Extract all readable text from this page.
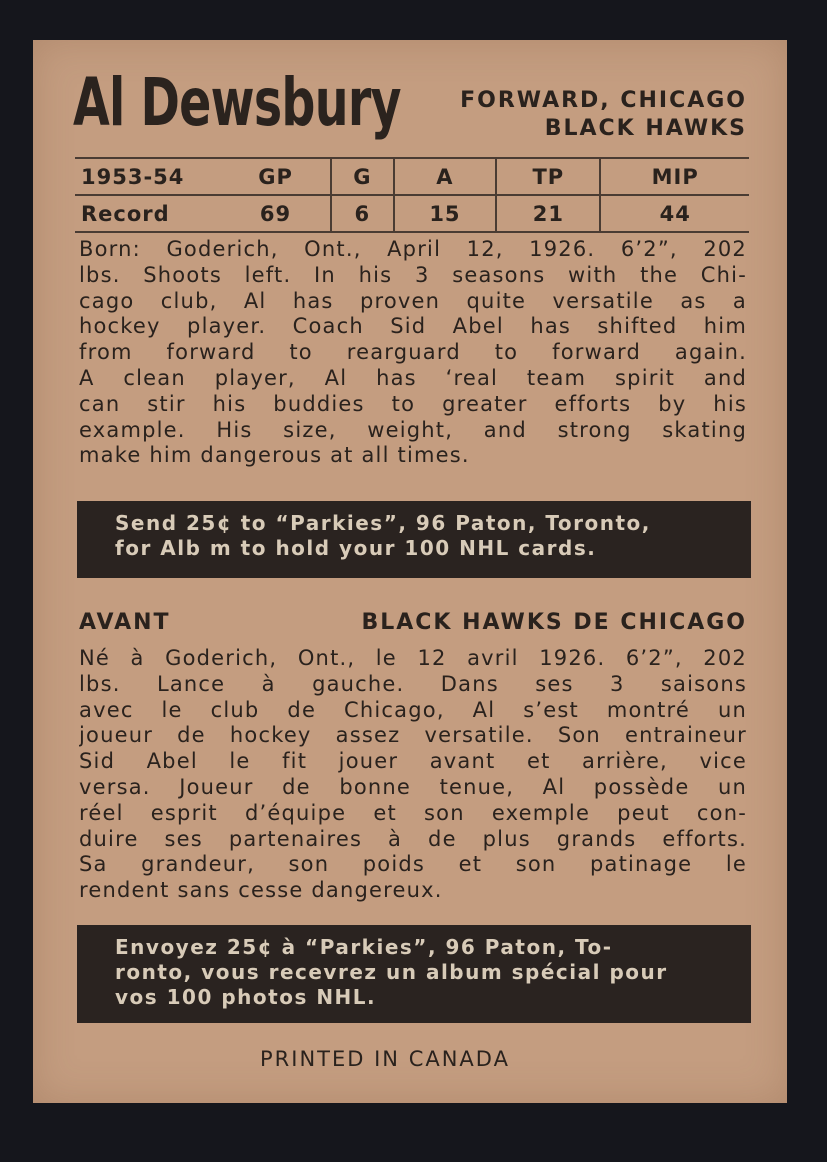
Al Dewsbury	FORWARD, CHICAGO
BLACK HAWKS
1953-54	GP	G	A	TP	MIP
Record	69	6	15	21	44
Born: Goderich, Ont., April 12, 1926. 6’2”, 202
lbs. Shoots left. In his 3 seasons with the Chi-
cago club, Al has proven quite versatile as a
hockey player. Coach Sid Abel has shifted him
from forward to rearguard to forward again.
A clean player, Al has ʻreal team spirit and
can stir his buddies to greater efforts by his
example. His size, weight, and strong skating
make him dangerous at all times.
Send 25¢ to “Parkies”, 96 Paton, Toronto,
for Alb m to hold your 100 NHL cards.
AVANT	BLACK HAWKS DE CHICAGO
Né à Goderich, Ont., le 12 avril 1926. 6’2”, 202
lbs. Lance à gauche. Dans ses 3 saisons
avec le club de Chicago, Al s’est montré un
joueur de hockey assez versatile. Son entraineur
Sid Abel le fit jouer avant et arrière, vice
versa. Joueur de bonne tenue, Al possède un
réel esprit d’équipe et son exemple peut con-
duire ses partenaires à de plus grands efforts.
Sa grandeur, son poids et son patinage le
rendent sans cesse dangereux.
Envoyez 25¢ à “Parkies”, 96 Paton, To-
ronto, vous recevrez un album spécial pour
vos 100 photos NHL.
PRINTED IN CANADA
